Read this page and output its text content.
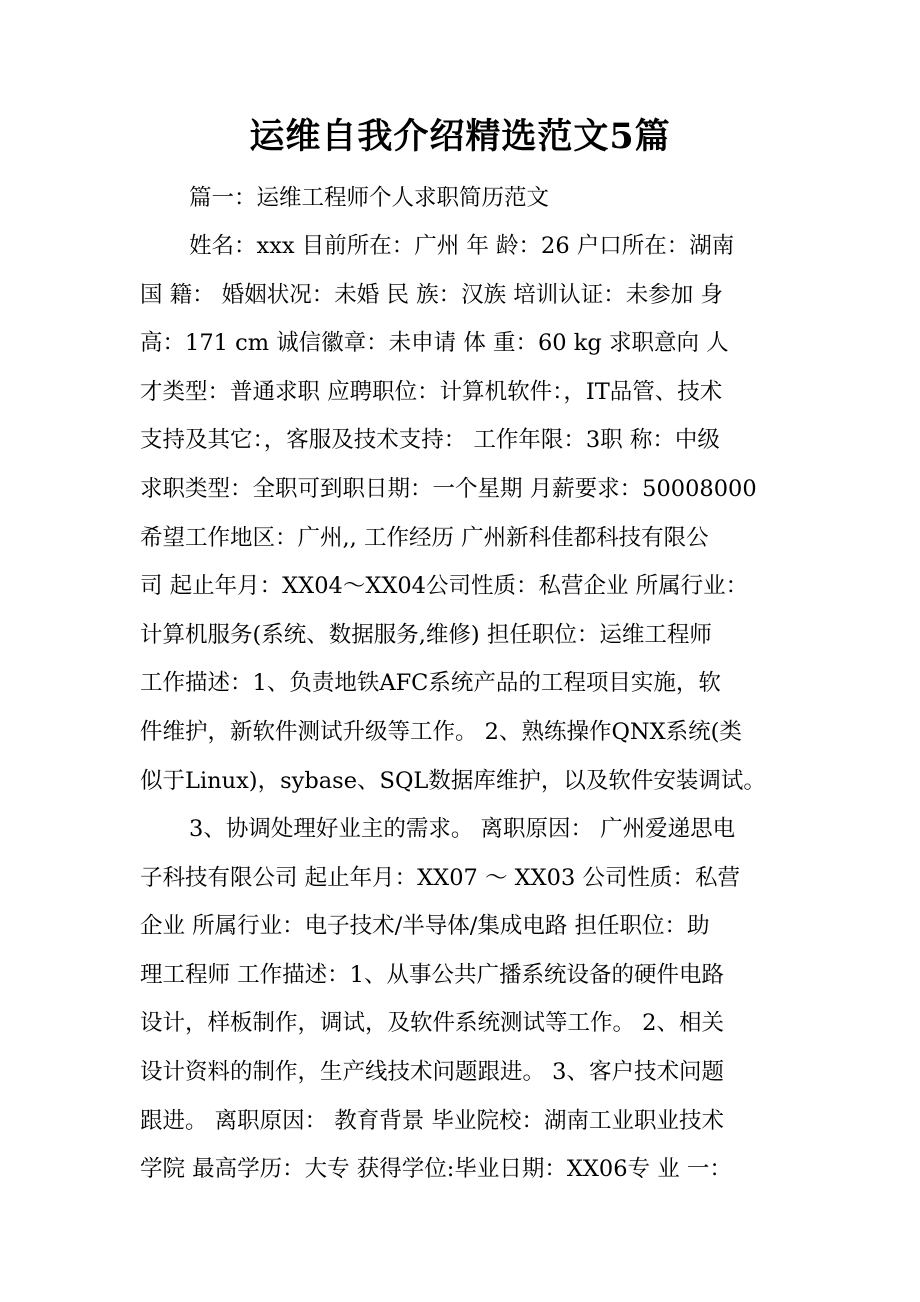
运维自我介绍精选范文5篇

篇一：运维工程师个人求职简历范文

姓名：xxx 目前所在：广州 年 龄：26 户口所在：湖南
国 籍： 婚姻状况：未婚 民 族：汉族 培训认证：未参加 身
高：171 cm 诚信徽章：未申请 体 重：60 kg 求职意向 人
才类型：普通求职 应聘职位：计算机软件：，IT品管、技术
支持及其它：，客服及技术支持： 工作年限：3职 称：中级
求职类型：全职可到职日期：一个星期 月薪要求：50008000
希望工作地区：广州,, 工作经历 广州新科佳都科技有限公
司 起止年月：XX04～XX04公司性质：私营企业 所属行业：
计算机服务(系统、数据服务,维修) 担任职位：运维工程师
工作描述：1、负责地铁AFC系统产品的工程项目实施，软
件维护，新软件测试升级等工作。 2、熟练操作QNX系统(类
似于Linux)，sybase、SQL数据库维护，以及软件安装调试。
3、协调处理好业主的需求。 离职原因： 广州爱递思电
子科技有限公司 起止年月：XX07 ～ XX03 公司性质：私营
企业 所属行业：电子技术/半导体/集成电路 担任职位：助
理工程师 工作描述：1、从事公共广播系统设备的硬件电路
设计，样板制作，调试，及软件系统测试等工作。 2、相关
设计资料的制作，生产线技术问题跟进。 3、客户技术问题
跟进。 离职原因： 教育背景 毕业院校：湖南工业职业技术
学院 最高学历：大专 获得学位:毕业日期：XX06专 业 一：
